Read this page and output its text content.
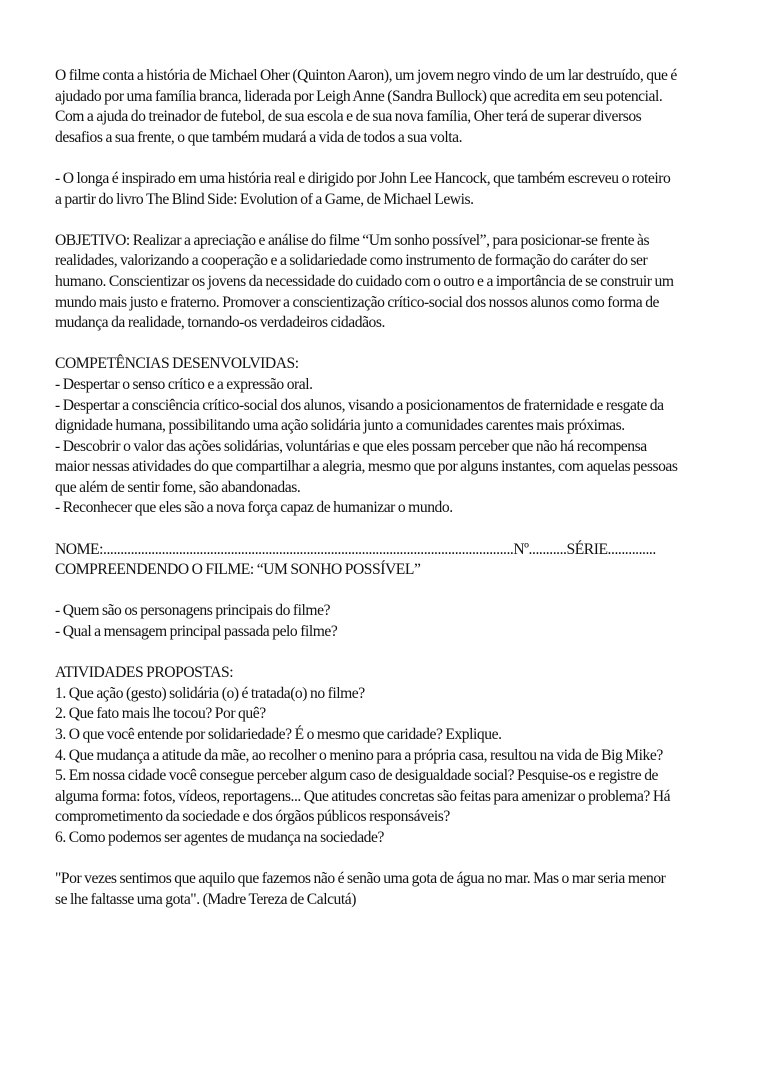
O filme conta a história de Michael Oher (Quinton Aaron), um jovem negro vindo de um lar destruído, que é
ajudado por uma família branca, liderada por Leigh Anne (Sandra Bullock) que acredita em seu potencial.
Com a ajuda do treinador de futebol, de sua escola e de sua nova família, Oher terá de superar diversos
desafios a sua frente, o que também mudará a vida de todos a sua volta.
- O longa é inspirado em uma história real e dirigido por John Lee Hancock, que também escreveu o roteiro
a partir do livro The Blind Side: Evolution of a Game, de Michael Lewis.
OBJETIVO: Realizar a apreciação e análise do filme “Um sonho possível”, para posicionar-se frente às
realidades, valorizando a cooperação e a solidariedade como instrumento de formação do caráter do ser
humano. Conscientizar os jovens da necessidade do cuidado com o outro e a importância de se construir um
mundo mais justo e fraterno. Promover a conscientização crítico-social dos nossos alunos como forma de
mudança da realidade, tornando-os verdadeiros cidadãos.
COMPETÊNCIAS DESENVOLVIDAS:
- Despertar o senso crítico e a expressão oral.
- Despertar a consciência crítico-social dos alunos, visando a posicionamentos de fraternidade e resgate da
dignidade humana, possibilitando uma ação solidária junto a comunidades carentes mais próximas.
- Descobrir o valor das ações solidárias, voluntárias e que eles possam perceber que não há recompensa
maior nessas atividades do que compartilhar a alegria, mesmo que por alguns instantes, com aquelas pessoas
que além de sentir fome, são abandonadas.
- Reconhecer que eles são a nova força capaz de humanizar o mundo.
NOME:.......................................................................................................................Nº...........SÉRIE..............
COMPREENDENDO O FILME: “UM SONHO POSSÍVEL”
- Quem são os personagens principais do filme?
- Qual a mensagem principal passada pelo filme?
ATIVIDADES PROPOSTAS:
1. Que ação (gesto) solidária (o) é tratada(o) no filme?
2. Que fato mais lhe tocou? Por quê?
3. O que você entende por solidariedade? É o mesmo que caridade? Explique.
4. Que mudança a atitude da mãe, ao recolher o menino para a própria casa, resultou na vida de Big Mike?
5. Em nossa cidade você consegue perceber algum caso de desigualdade social? Pesquise-os e registre de
alguma forma: fotos, vídeos, reportagens... Que atitudes concretas são feitas para amenizar o problema? Há
comprometimento da sociedade e dos órgãos públicos responsáveis?
6. Como podemos ser agentes de mudança na sociedade?
"Por vezes sentimos que aquilo que fazemos não é senão uma gota de água no mar. Mas o mar seria menor
se lhe faltasse uma gota". (Madre Tereza de Calcutá)
